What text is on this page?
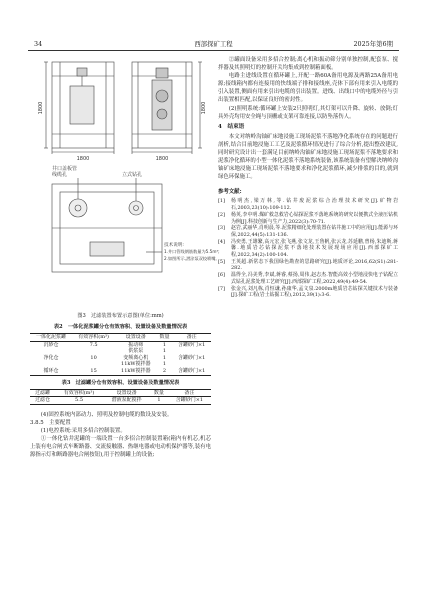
34	西部探矿工程	2025年第6期
1800	1800
1800	1800
井口盖板管
线缆孔	立式钻孔
技术说明:
1.井口管线钢筋数量为5.5m³;
2.如图所示,潜涂泵双绞喷嘴。
图3　过滤装置布置示意图(单位:mm)
表2　一体化泥浆罐分仓有效容积、设置设备及数量情况表
一体化泥浆罐	有效容积(m³)	设置设备	数量	备注
沉砂仓	7.5	振动筛	1	含罐砂门×1
		供浆泵	1	
净化仓	10	变频离心机	1	含罐砂门×1
		11kW搅拌器	1	
循环仓	15	11kW搅拌器	2	含罐砂门×1
表3　过滤罐分仓有效容积、设置设备及数量情况表
过滤罐	有效容积(m³)	设置设备	数量	备注
过滤仓	5.5	潜液泵配搅拌	1	含罐砂门×1

(4)固控系统内部动力、照明及控制电缆的数设及安装。

3.8.5　主要配置

(1)电控系统:采用多招合控制装置。

①一体化钻井泥罐的一端设置一台多招合控制装置箱(箱内有机芯,机芯上装有电合闸式车断路器、交流接触器、热继电器或电动机保护器等,装有电源指示灯和断路器电合闸按钮),用于控制罐上的设备;

②罐面设备采用多招合控制;离心机和振动筛分别单独控制,配套泵、搅拌器及其照明灯的控制开关均集成到控制箱面板。

电路主进线设置在循环罐上,开配一路60A备用电源及两路25A备用电源;接线箱内都有连接用的快线端子排和接线座,壳体下部有用来引入电缆的引入装置,侧面有用来引出电缆的引出装置。进线、出线口中的电缆外径与引出装置相匹配,以保证良好的密封性。

(2)照明系统:循环罐上安装2只照明灯,其灯架可以升降、旋转、放倒;灯具外壳均用安全绳与顶栅或支架可靠连接,以防坠落伤人。

4　结束语

本文对纳岭沟铀矿床地浸施工现场泥浆不落地净化系统存在的问题进行剖析,结合目前地浸施工工艺及泥浆循环情况进行了综合分析,提出整改建议,同时研究设计出一套满足目前纳岭沟铀矿床地浸施工现场泥浆不落地要求和泥浆净化循环的小型一体化泥浆不落地系统装备,该系统装备有望解决纳岭沟铀矿床地浸施工现场泥浆不落地要求和净化泥浆循环,减少排浆的目的,就到绿色环保施工。

参考文献:
[1] 杨明杰,梁万林,等.钻井废泥浆综合治理技术研究[J].矿物岩石,2003,23(10):109-112.
[2] 杨英,李中明.煤矿救急救岩心钻探泥浆不落地系统的研究以便携式全液压钻机为例[J].科技创新与生产力,2022(3):70-71.
[3] 赵岩,武丽华,肖明晨,等.泥浆精细化处理装置在钻井施工中的应用[J].能源与环保,2022,44(5):131-136.
[4] 冯奕勇,王雄繁,高元宏,张飞燕,张文龙,王鲁帆,张云龙,苏延鹏,曾杨,朱迪斯,蒋馨.地质岩芯钻探泥浆不落地技术发展现场应用[J].西部探矿工程,2022,34(2):100-104.
[5] 王英超.新常态下我国绿色勘查的思路研究[J].地质评论,2016,62(S1):281-282.
[6] 温得全,冯美秀,李斌,蒋睿,蔡扬,周伟,赵志杰.智能高效小型地浸快电子钻配立式钻孔泥浆处理工艺研究[J].西部探矿工程,2022,49(4):49-54.
[7] 张金兴,刘凡栋,肖恒谦,孙康华,孟文泉.2000m地质岩芯钻探关键技术与装备[J].探矿工程(岩土钻掘工程),2012,39(1):3-6.
